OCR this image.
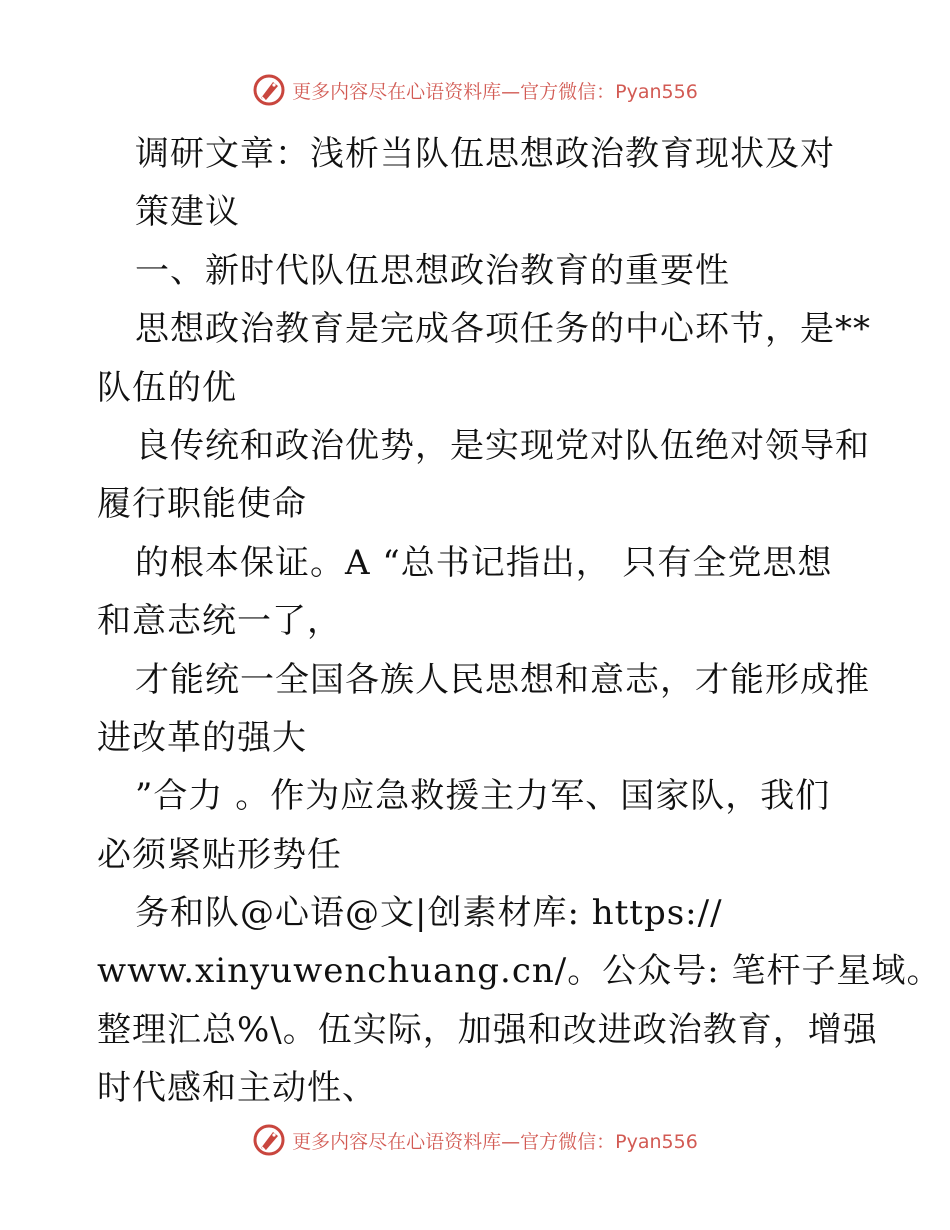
更多内容尽在心语资料库—官方微信：Pyan556
调研文章：浅析当队伍思想政治教育现状及对
策建议
一、新时代队伍思想政治教育的重要性
思想政治教育是完成各项任务的中心环节，是**
队伍的优
良传统和政治优势，是实现党对队伍绝对领导和
履行职能使命
的根本保证。A “总书记指出， 只有全党思想
和意志统一了，
才能统一全国各族人民思想和意志，才能形成推
进改革的强大
”合力 。作为应急救援主力军、国家队，我们
必须紧贴形势任
务和队@心语@文|创素材库: https://
www.xinyuwenchuang.cn/。公众号: 笔杆子星域。
整理汇总%\。伍实际，加强和改进政治教育，增强
时代感和主动性、
更多内容尽在心语资料库—官方微信：Pyan556
